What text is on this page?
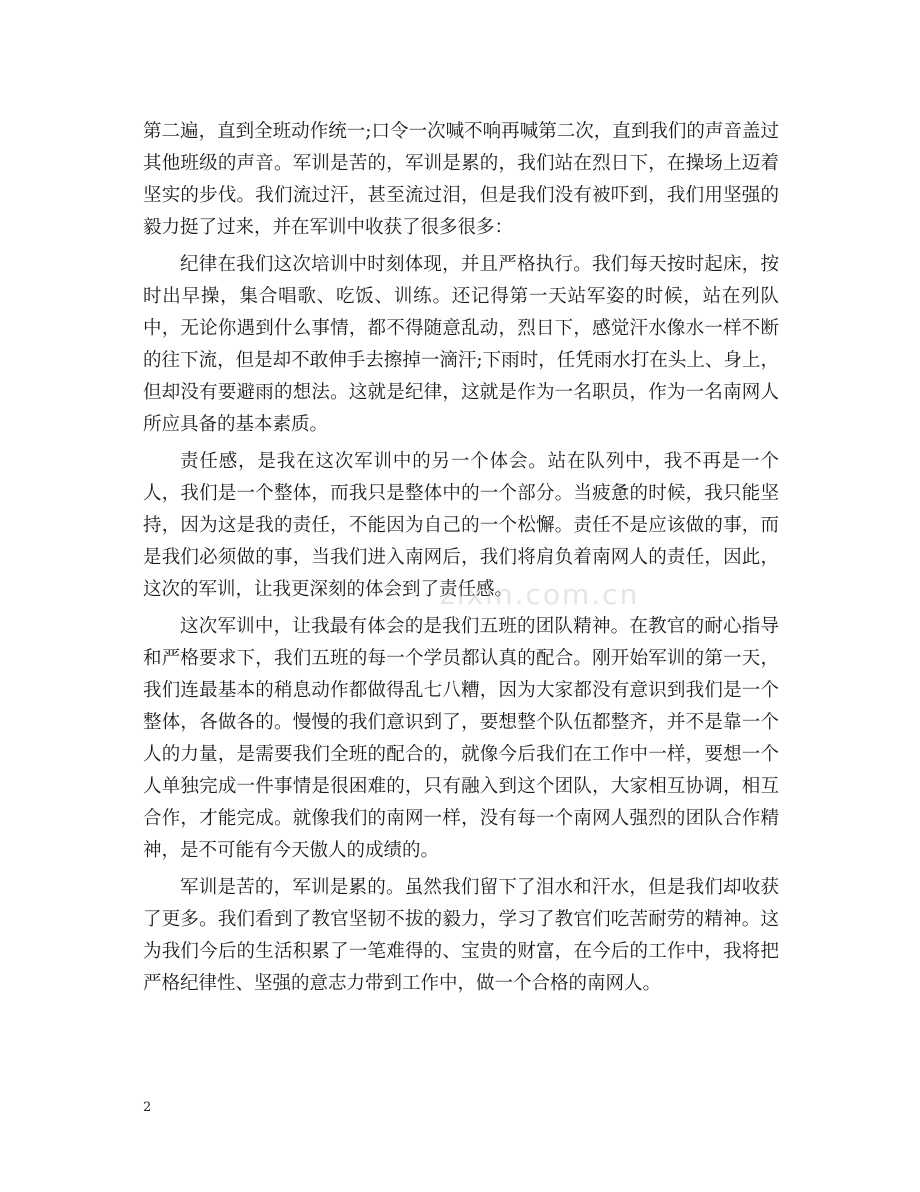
第二遍，直到全班动作统一;口令一次喊不响再喊第二次，直到我们的声音盖过其他班级的声音。军训是苦的，军训是累的，我们站在烈日下，在操场上迈着坚实的步伐。我们流过汗，甚至流过泪，但是我们没有被吓到，我们用坚强的毅力挺了过来，并在军训中收获了很多很多：

纪律在我们这次培训中时刻体现，并且严格执行。我们每天按时起床，按时出早操，集合唱歌、吃饭、训练。还记得第一天站军姿的时候，站在列队中，无论你遇到什么事情，都不得随意乱动，烈日下，感觉汗水像水一样不断的往下流，但是却不敢伸手去擦掉一滴汗;下雨时，任凭雨水打在头上、身上，但却没有要避雨的想法。这就是纪律，这就是作为一名职员，作为一名南网人所应具备的基本素质。

责任感，是我在这次军训中的另一个体会。站在队列中，我不再是一个人，我们是一个整体，而我只是整体中的一个部分。当疲惫的时候，我只能坚持，因为这是我的责任，不能因为自己的一个松懈。责任不是应该做的事，而是我们必须做的事，当我们进入南网后，我们将肩负着南网人的责任，因此，这次的军训，让我更深刻的体会到了责任感。

这次军训中，让我最有体会的是我们五班的团队精神。在教官的耐心指导和严格要求下，我们五班的每一个学员都认真的配合。刚开始军训的第一天，我们连最基本的稍息动作都做得乱七八糟，因为大家都没有意识到我们是一个整体，各做各的。慢慢的我们意识到了，要想整个队伍都整齐，并不是靠一个人的力量，是需要我们全班的配合的，就像今后我们在工作中一样，要想一个人单独完成一件事情是很困难的，只有融入到这个团队，大家相互协调，相互合作，才能完成。就像我们的南网一样，没有每一个南网人强烈的团队合作精神，是不可能有今天傲人的成绩的。

军训是苦的，军训是累的。虽然我们留下了泪水和汗水，但是我们却收获了更多。我们看到了教官坚韧不拔的毅力，学习了教官们吃苦耐劳的精神。这为我们今后的生活积累了一笔难得的、宝贵的财富，在今后的工作中，我将把严格纪律性、坚强的意志力带到工作中，做一个合格的南网人。

zixin.com.cn
2
